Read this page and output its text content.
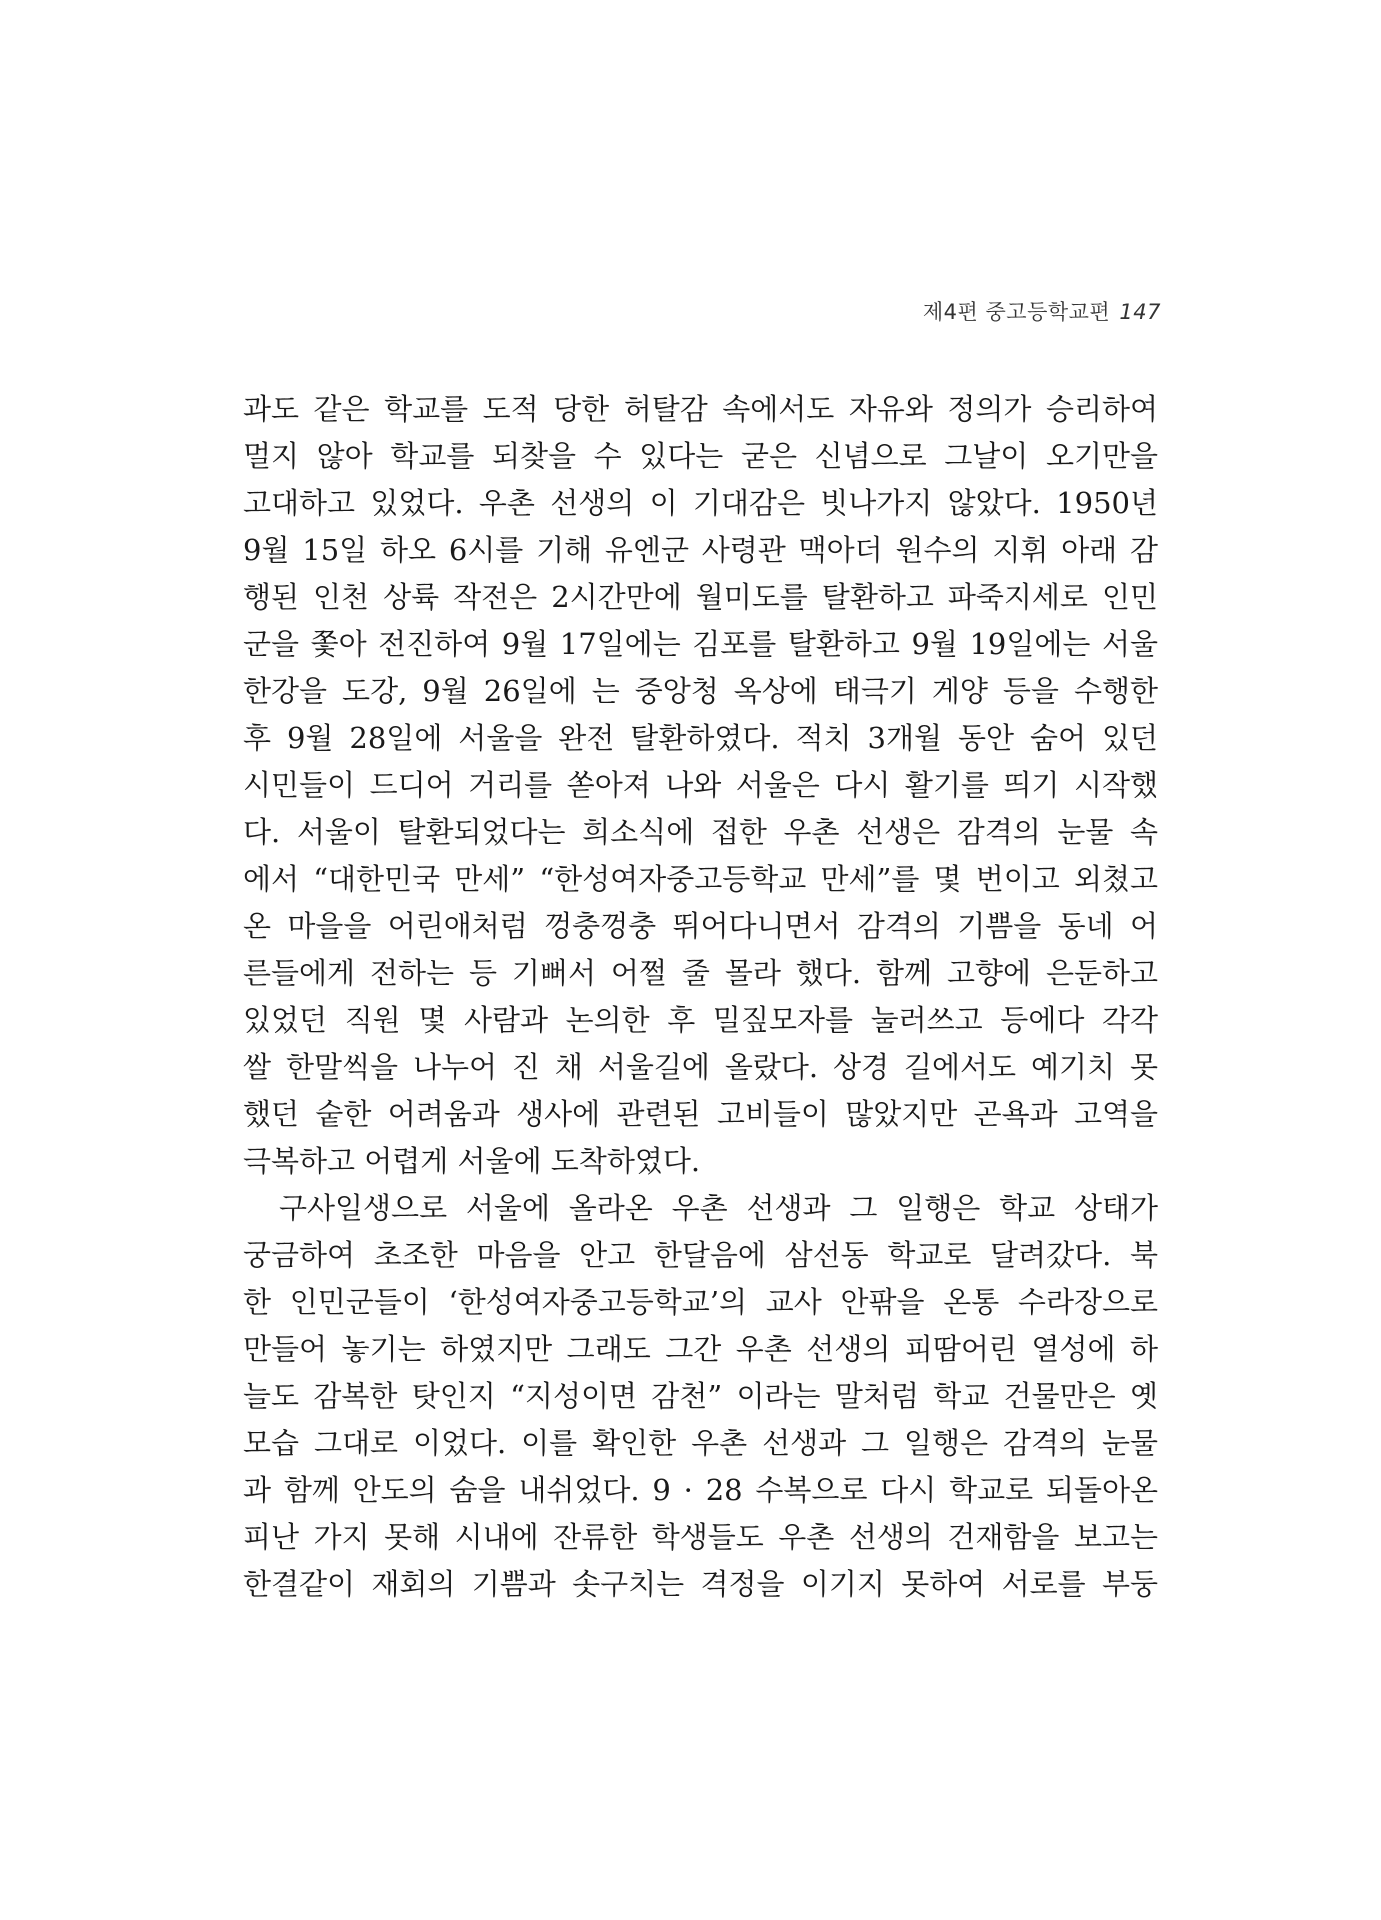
제4편 중고등학교편 147
과도 같은 학교를 도적 당한 허탈감 속에서도 자유와 정의가 승리하여
멀지 않아 학교를 되찾을 수 있다는 굳은 신념으로 그날이 오기만을
고대하고 있었다. 우촌 선생의 이 기대감은 빗나가지 않았다. 1950년
9월 15일 하오 6시를 기해 유엔군 사령관 맥아더 원수의 지휘 아래 감
행된 인천 상륙 작전은 2시간만에 월미도를 탈환하고 파죽지세로 인민
군을 쫓아 전진하여 9월 17일에는 김포를 탈환하고 9월 19일에는 서울
한강을 도강, 9월 26일에 는 중앙청 옥상에 태극기 게양 등을 수행한
후 9월 28일에 서울을 완전 탈환하였다. 적치 3개월 동안 숨어 있던
시민들이 드디어 거리를 쏟아져 나와 서울은 다시 활기를 띄기 시작했
다. 서울이 탈환되었다는 희소식에 접한 우촌 선생은 감격의 눈물 속
에서 “대한민국 만세” “한성여자중고등학교 만세”를 몇 번이고 외쳤고
온 마을을 어린애처럼 껑충껑충 뛰어다니면서 감격의 기쁨을 동네 어
른들에게 전하는 등 기뻐서 어쩔 줄 몰라 했다. 함께 고향에 은둔하고
있었던 직원 몇 사람과 논의한 후 밀짚모자를 눌러쓰고 등에다 각각
쌀 한말씩을 나누어 진 채 서울길에 올랐다. 상경 길에서도 예기치 못
했던 숱한 어려움과 생사에 관련된 고비들이 많았지만 곤욕과 고역을
극복하고 어렵게 서울에 도착하였다.
구사일생으로 서울에 올라온 우촌 선생과 그 일행은 학교 상태가
궁금하여 초조한 마음을 안고 한달음에 삼선동 학교로 달려갔다. 북
한 인민군들이 ‘한성여자중고등학교’의 교사 안팎을 온통 수라장으로
만들어 놓기는 하였지만 그래도 그간 우촌 선생의 피땀어린 열성에 하
늘도 감복한 탓인지 “지성이면 감천” 이라는 말처럼 학교 건물만은 옛
모습 그대로 이었다. 이를 확인한 우촌 선생과 그 일행은 감격의 눈물
과 함께 안도의 숨을 내쉬었다. 9 · 28 수복으로 다시 학교로 되돌아온
피난 가지 못해 시내에 잔류한 학생들도 우촌 선생의 건재함을 보고는
한결같이 재회의 기쁨과 솟구치는 격정을 이기지 못하여 서로를 부둥
